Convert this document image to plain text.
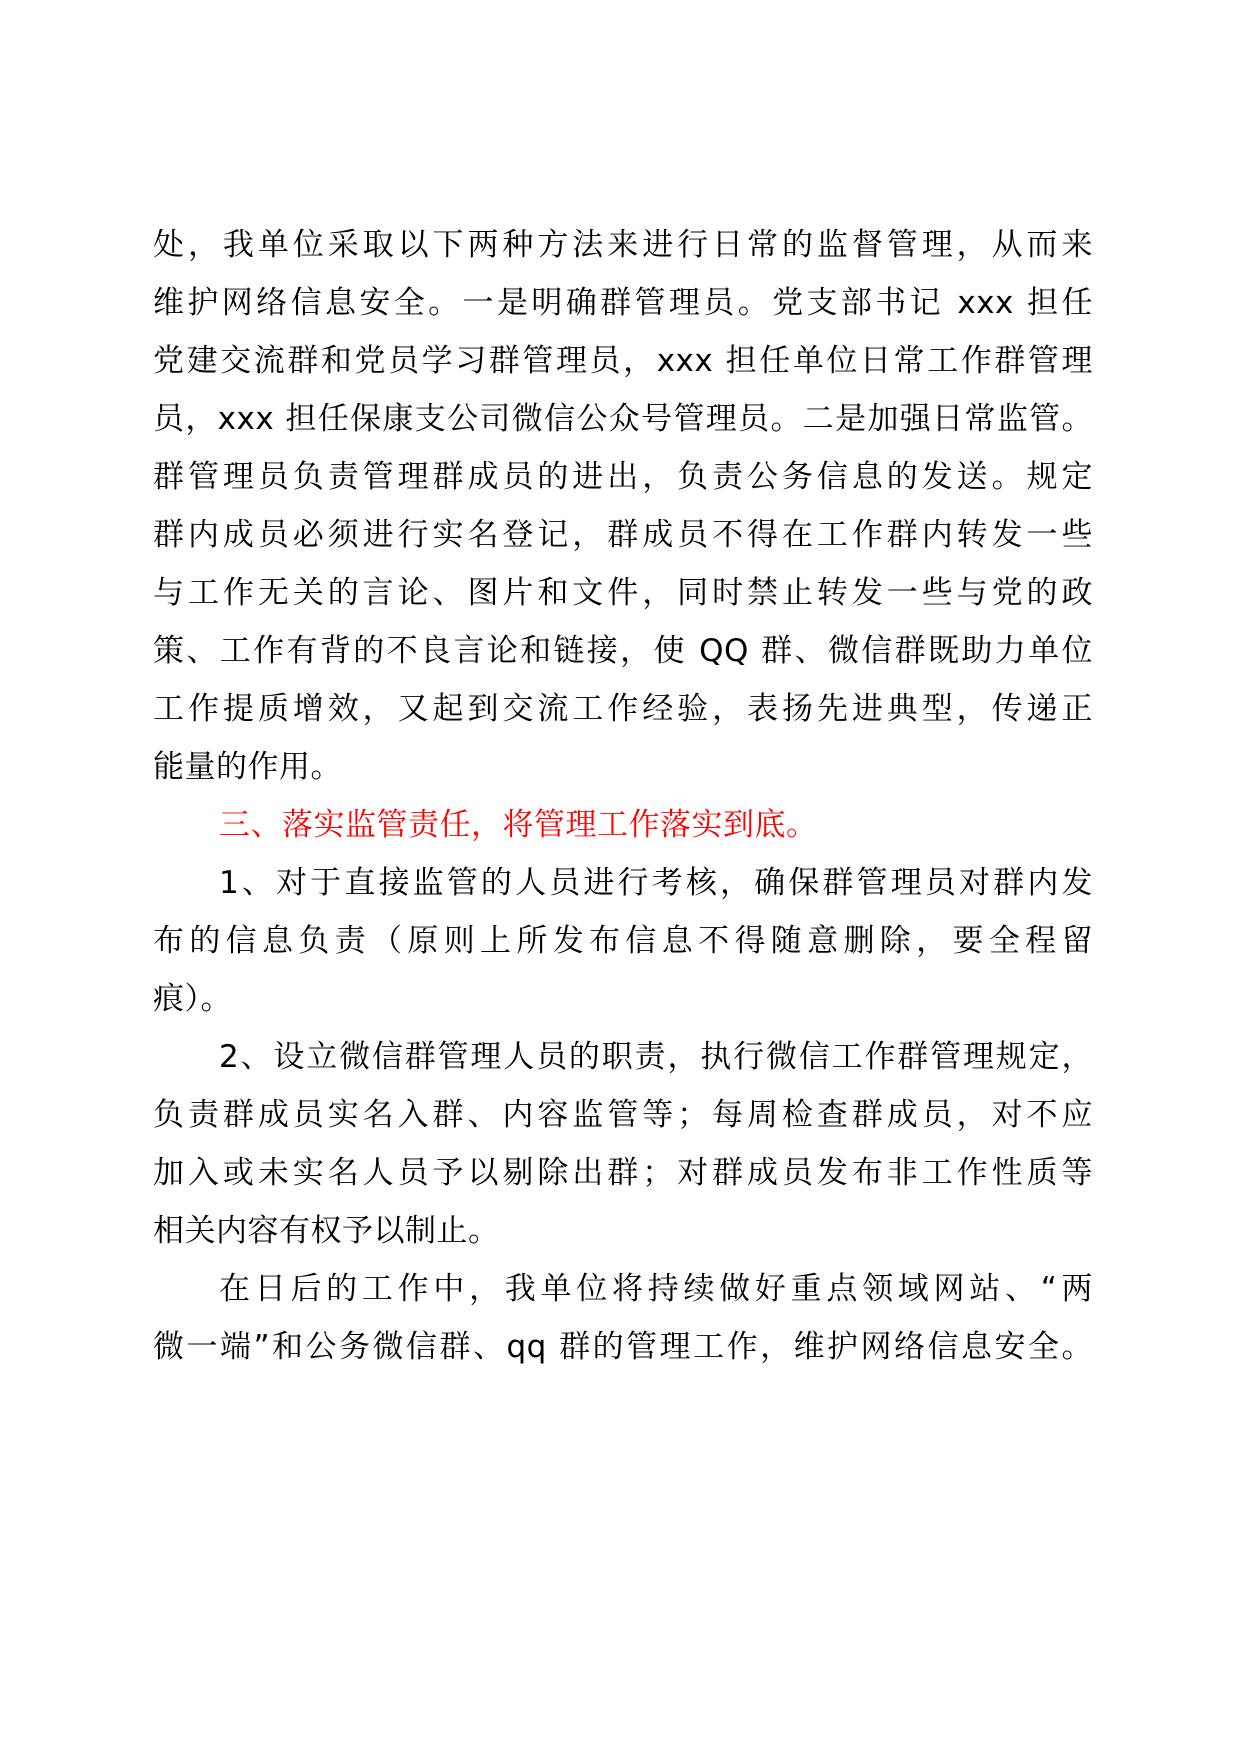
处，我单位采取以下两种方法来进行日常的监督管理，从而来
维护网络信息安全。一是明确群管理员。党支部书记 xxx 担任
党建交流群和党员学习群管理员，xxx 担任单位日常工作群管理
员，xxx 担任保康支公司微信公众号管理员。二是加强日常监管。
群管理员负责管理群成员的进出，负责公务信息的发送。规定
群内成员必须进行实名登记，群成员不得在工作群内转发一些
与工作无关的言论、图片和文件，同时禁止转发一些与党的政
策、工作有背的不良言论和链接，使 QQ 群、微信群既助力单位
工作提质增效，又起到交流工作经验，表扬先进典型，传递正
能量的作用。
三、落实监管责任，将管理工作落实到底。
1、对于直接监管的人员进行考核，确保群管理员对群内发
布的信息负责（原则上所发布信息不得随意删除，要全程留
痕）。
2、设立微信群管理人员的职责，执行微信工作群管理规定，
负责群成员实名入群、内容监管等；每周检查群成员，对不应
加入或未实名人员予以剔除出群；对群成员发布非工作性质等
相关内容有权予以制止。
在日后的工作中，我单位将持续做好重点领域网站、“两
微一端”和公务微信群、qq 群的管理工作，维护网络信息安全。
